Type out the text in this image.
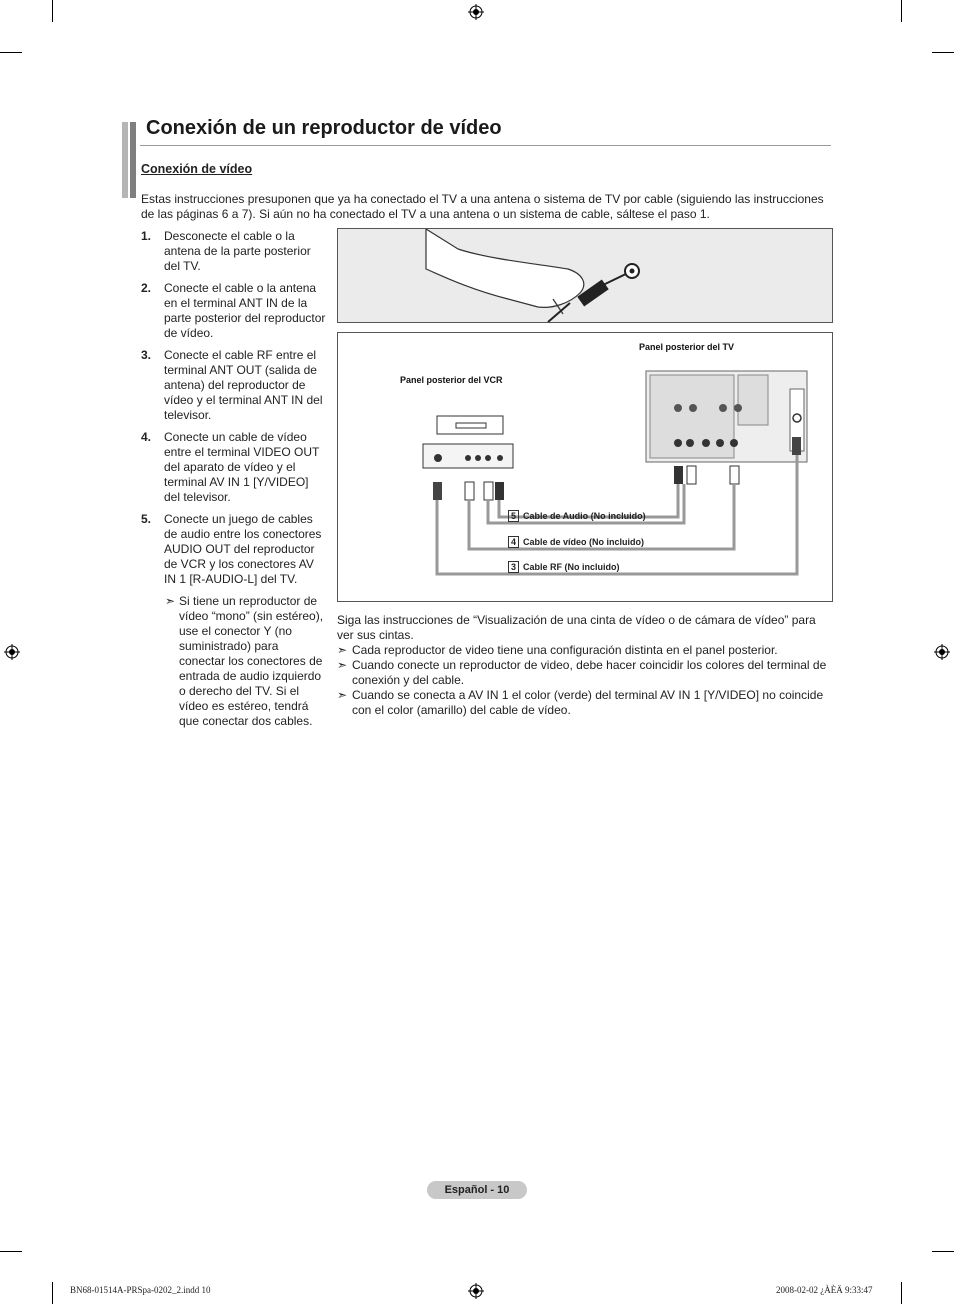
Conexión de un reproductor de vídeo
Conexión de vídeo
Estas instrucciones presuponen que ya ha conectado el TV a una antena o sistema de TV por cable (siguiendo las instrucciones de las páginas 6 a 7). Si aún no ha conectado el TV a una antena o un sistema de cable, sáltese el paso 1.
1. Desconecte el cable o la antena de la parte posterior del TV.
2. Conecte el cable o la antena en el terminal ANT IN de la parte posterior del reproductor de vídeo.
3. Conecte el cable RF entre el terminal ANT OUT (salida de antena) del reproductor de vídeo y el terminal ANT IN del televisor.
4. Conecte un cable de vídeo entre el terminal VIDEO OUT del aparato de vídeo y el terminal AV IN 1 [Y/VIDEO] del televisor.
5. Conecte un juego de cables de audio entre los conectores AUDIO OUT del reproductor de VCR y los conectores AV IN 1 [R-AUDIO-L] del TV.
➣ Si tiene un reproductor de vídeo “mono” (sin estéreo), use el conector Y (no suministrado) para conectar los conectores de entrada de audio izquierdo o derecho del TV. Si el vídeo es estéreo, tendrá que conectar dos cables.
Panel posterior del TV
Panel posterior del VCR
5 Cable de Audio (No incluido)
4 Cable de vídeo (No incluido)
3 Cable RF (No incluido)

Siga las instrucciones de “Visualización de una cinta de vídeo o de cámara de vídeo” para ver sus cintas.

➣ Cada reproductor de video tiene una configuración distinta en el panel posterior.

➣ Cuando conecte un reproductor de video, debe hacer coincidir los colores del terminal de conexión y del cable.

➣ Cuando se conecta a AV IN 1 el color (verde) del terminal AV IN 1 [Y/VIDEO] no coincide con el color (amarillo) del cable de vídeo.

Español - 10
BN68-01514A-PRSpa-0202_2.indd 10	2008-02-02 ¿ÀÈÄ 9:33:47
